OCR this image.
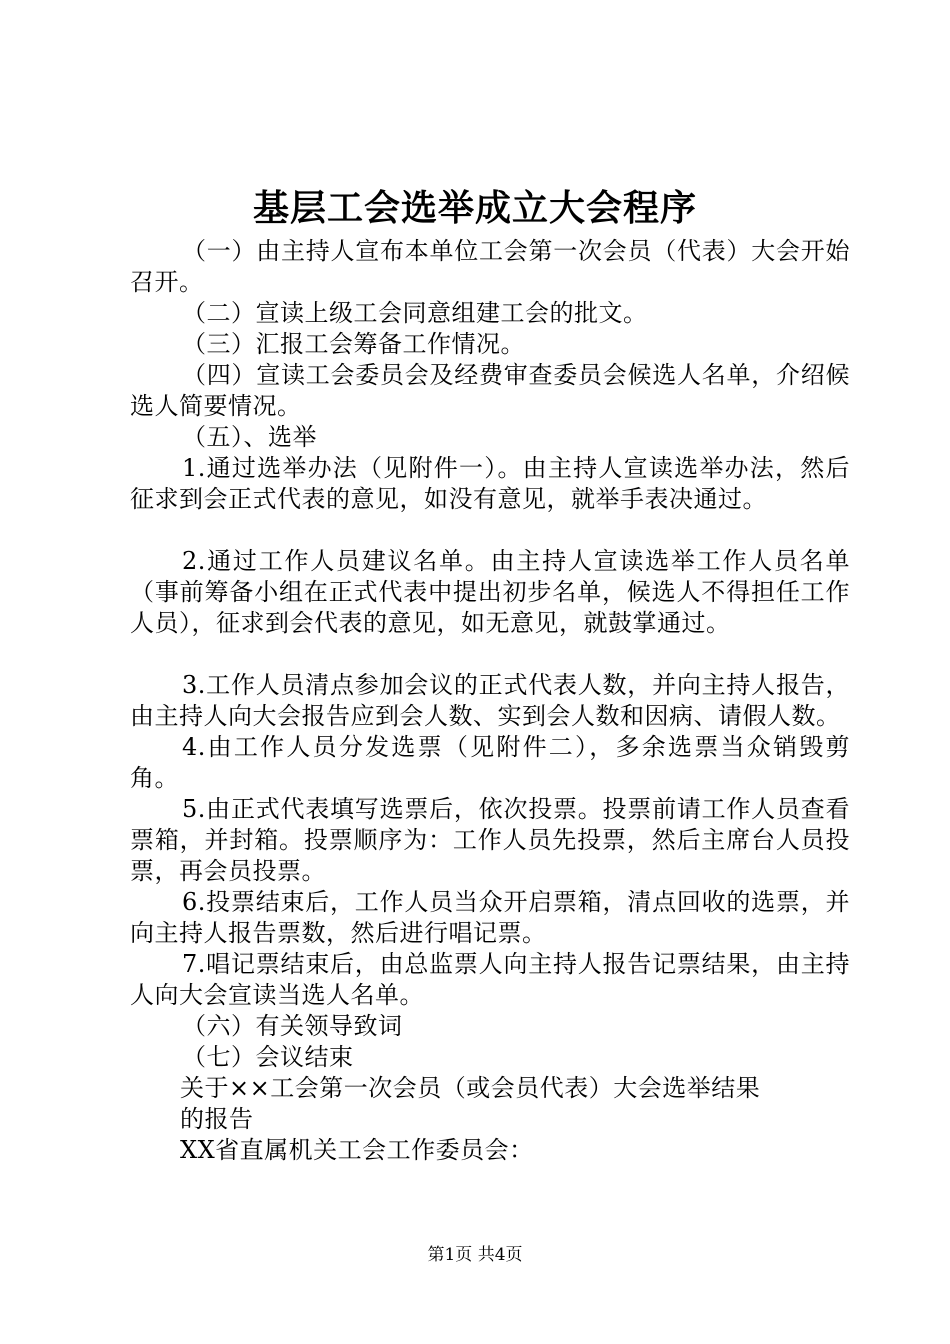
基层工会选举成立大会程序

（一）由主持人宣布本单位工会第一次会员（代表）大会开始召开。

（二）宣读上级工会同意组建工会的批文。

（三）汇报工会筹备工作情况。

（四）宣读工会委员会及经费审查委员会候选人名单，介绍候选人简要情况。

（五）、选举

1.通过选举办法（见附件一）。由主持人宣读选举办法，然后征求到会正式代表的意见，如没有意见，就举手表决通过。

2.通过工作人员建议名单。由主持人宣读选举工作人员名单（事前筹备小组在正式代表中提出初步名单，候选人不得担任工作人员），征求到会代表的意见，如无意见，就鼓掌通过。

3.工作人员清点参加会议的正式代表人数，并向主持人报告，由主持人向大会报告应到会人数、实到会人数和因病、请假人数。

4.由工作人员分发选票（见附件二），多余选票当众销毁剪角。

5.由正式代表填写选票后，依次投票。投票前请工作人员查看票箱，并封箱。投票顺序为：工作人员先投票，然后主席台人员投票，再会员投票。

6.投票结束后，工作人员当众开启票箱，清点回收的选票，并向主持人报告票数，然后进行唱记票。

7.唱记票结束后，由总监票人向主持人报告记票结果，由主持人向大会宣读当选人名单。

（六）有关领导致词

（七）会议结束

关于××工会第一次会员（或会员代表）大会选举结果

的报告

XX省直属机关工会工作委员会：

第1页 共4页
